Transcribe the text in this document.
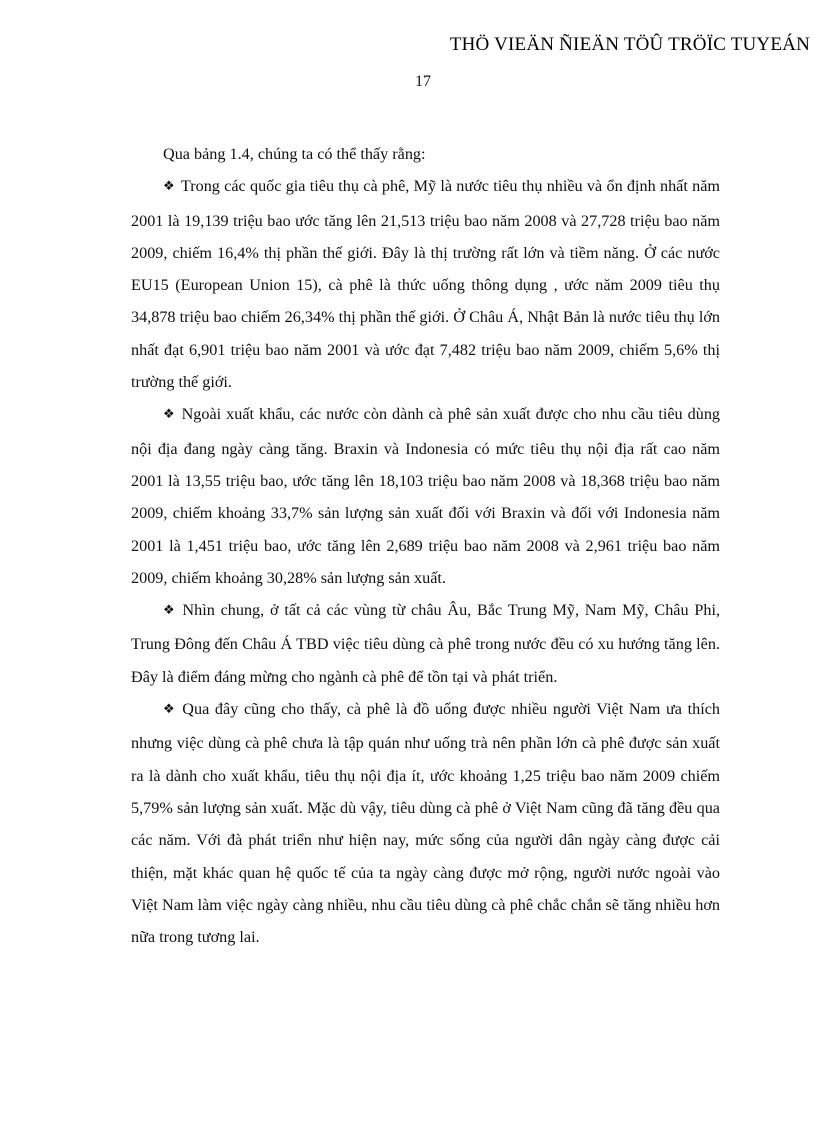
THÖ VIEÄN ÑIEÄN TÖÛ TRÖÏC TUYEÁN
17

Qua bảng 1.4, chúng ta có thể thấy rằng:

❖ Trong các quốc gia tiêu thụ cà phê, Mỹ là nước tiêu thụ nhiều và ổn định nhất năm 2001 là 19,139 triệu bao ước tăng lên 21,513 triệu bao năm 2008 và 27,728 triệu bao năm 2009, chiếm 16,4% thị phần thế giới. Đây là thị trường rất lớn và tiềm năng. Ở các nước EU15 (European Union 15), cà phê là thức uống thông dụng , ước năm 2009 tiêu thụ 34,878 triệu bao chiếm 26,34% thị phần thế giới. Ở Châu Á, Nhật Bản là nước tiêu thụ lớn nhất đạt 6,901 triệu bao năm 2001 và ước đạt 7,482 triệu bao năm 2009, chiếm 5,6% thị trường thế giới.

❖ Ngoài xuất khẩu, các nước còn dành cà phê sản xuất được cho nhu cầu tiêu dùng nội địa đang ngày càng tăng. Braxin và Indonesia có mức tiêu thụ nội địa rất cao năm 2001 là 13,55 triệu bao, ước tăng lên 18,103 triệu bao năm 2008 và 18,368 triệu bao năm 2009, chiếm khoảng 33,7% sản lượng sản xuất đối với Braxin và đối với Indonesia năm 2001 là 1,451 triệu bao, ước tăng lên 2,689 triệu bao năm 2008 và 2,961 triệu bao năm 2009, chiếm khoảng 30,28% sản lượng sản xuất.

❖ Nhìn chung, ở tất cả các vùng từ châu Âu, Bắc Trung Mỹ, Nam Mỹ, Châu Phi, Trung Đông đến Châu Á TBD việc tiêu dùng cà phê trong nước đều có xu hướng tăng lên. Đây là điểm đáng mừng cho ngành cà phê để tồn tại và phát triển.

❖ Qua đây cũng cho thấy, cà phê là đồ uống được nhiều người Việt Nam ưa thích nhưng việc dùng cà phê chưa là tập quán như uống trà nên phần lớn cà phê được sản xuất ra là dành cho xuất khẩu, tiêu thụ nội địa ít, ước khoảng 1,25 triệu bao năm 2009 chiếm 5,79% sản lượng sản xuất. Mặc dù vậy, tiêu dùng cà phê ở Việt Nam cũng đã tăng đều qua các năm. Với đà phát triển như hiện nay, mức sống của người dân ngày càng được cải thiện, mặt khác quan hệ quốc tế của ta ngày càng được mở rộng, người nước ngoài vào Việt Nam làm việc ngày càng nhiều, nhu cầu tiêu dùng cà phê chắc chắn sẽ tăng nhiều hơn nữa trong tương lai.
